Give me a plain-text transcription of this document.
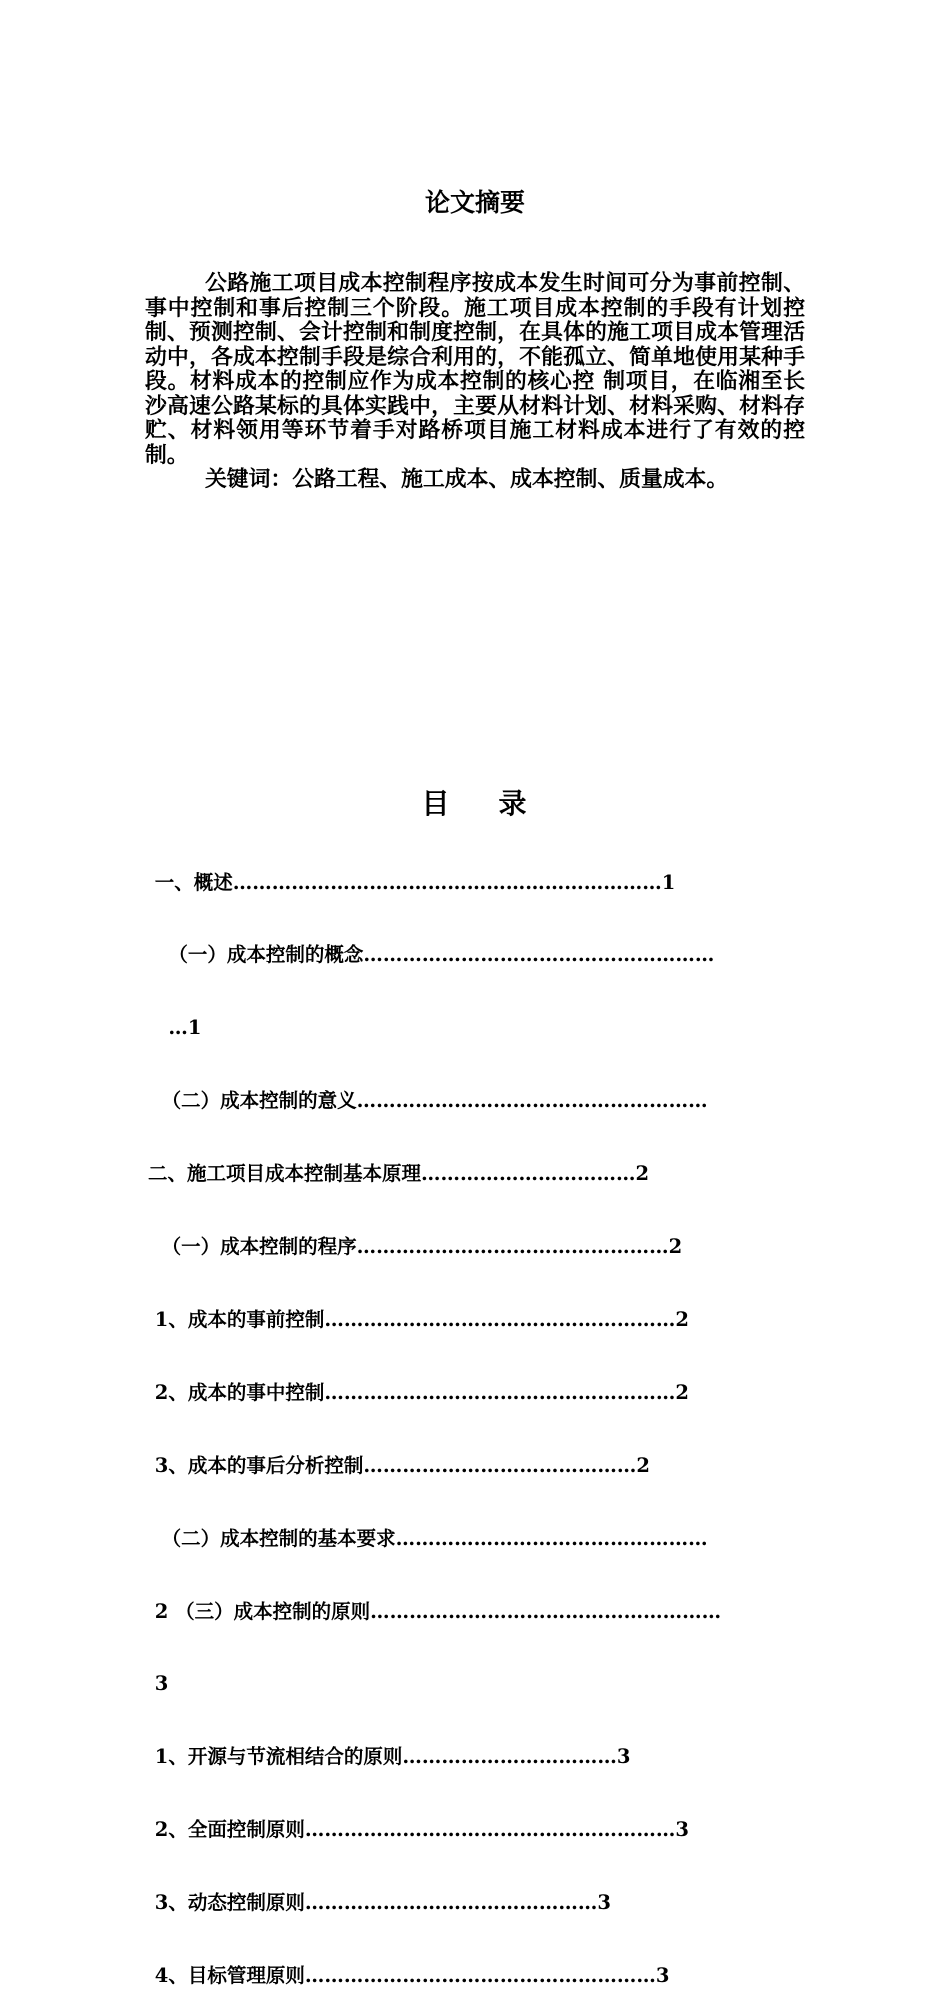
论文摘要

公路施工项目成本控制程序按成本发生时间可分为事前控制、事中控制和事后控制三个阶段。施工项目成本控制的手段有计划控制、预测控制、会计控制和制度控制，在具体的施工项目成本管理活动中，各成本控制手段是综合利用的，不能孤立、简单地使用某种手段。材料成本的控制应作为成本控制的核心控 制项目，在临湘至长沙高速公路某标的具体实践中，主要从材料计划、材料采购、材料存贮、材料领用等环节着手对路桥项目施工材料成本进行了有效的控制。

关键词：公路工程、施工成本、成本控制、质量成本。

目    录

一、概述…………………………………………………………1

（一）成本控制的概念………………………………………………

…1

（二）成本控制的意义………………………………………………

二、施工项目成本控制基本原理……………………………2

（一）成本控制的程序…………………………………………2

1、成本的事前控制………………………………………………2

2、成本的事中控制………………………………………………2

3、成本的事后分析控制……………………………………2

（二）成本控制的基本要求…………………………………………

2 （三）成本控制的原则………………………………………………

3

1、开源与节流相结合的原则……………………………3

2、全面控制原则…………………………………………………3

3、动态控制原则………………………………………3

4、目标管理原则………………………………………………3
